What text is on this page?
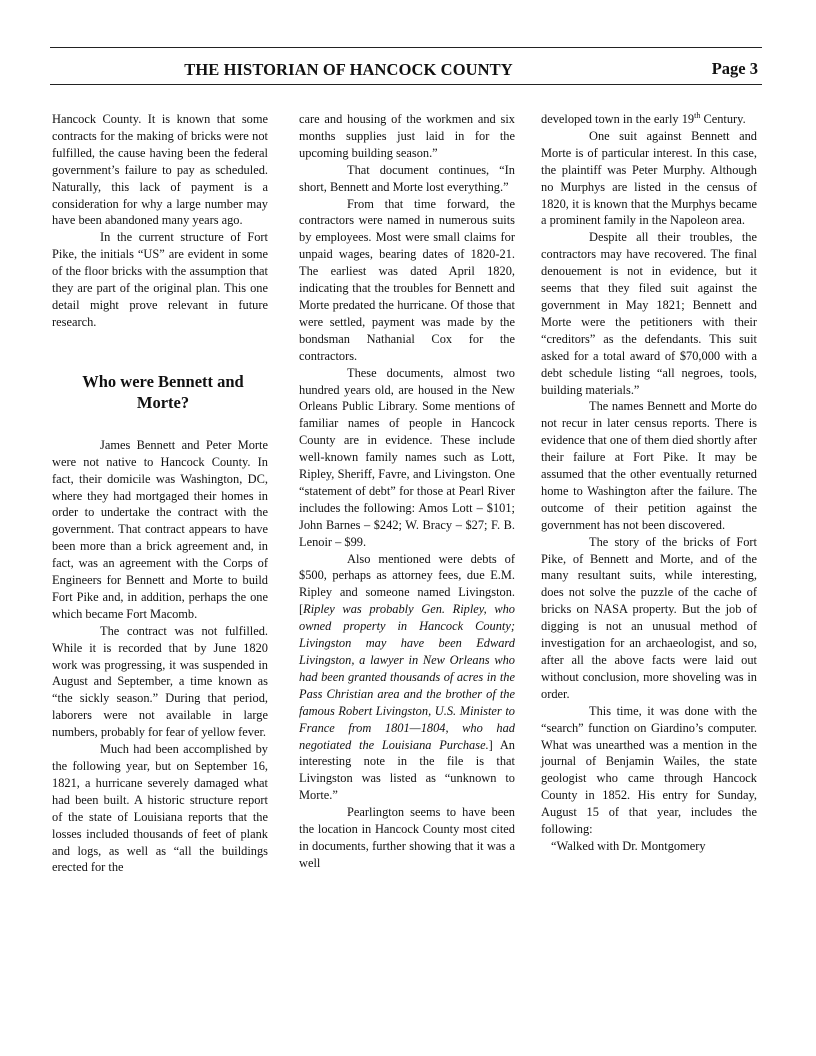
THE HISTORIAN OF HANCOCK COUNTY	Page 3

Hancock County. It is known that some contracts for the making of bricks were not fulfilled, the cause having been the federal government’s failure to pay as scheduled. Naturally, this lack of payment is a consideration for why a large number may have been abandoned many years ago.

In the current structure of Fort Pike, the initials “US” are evident in some of the floor bricks with the assumption that they are part of the original plan. This one detail might prove relevant in future research.

Who were Bennett and Morte?

James Bennett and Peter Morte were not native to Hancock County. In fact, their domicile was Washington, DC, where they had mortgaged their homes in order to undertake the contract with the government. That contract appears to have been more than a brick agreement and, in fact, was an agreement with the Corps of Engineers for Bennett and Morte to build Fort Pike and, in addition, perhaps the one which became Fort Macomb.

The contract was not fulfilled. While it is recorded that by June 1820 work was progressing, it was suspended in August and September, a time known as “the sickly season.” During that period, laborers were not available in large numbers, probably for fear of yellow fever.

Much had been accomplished by the following year, but on September 16, 1821, a hurricane severely damaged what had been built. A historic structure report of the state of Louisiana reports that the losses included thousands of feet of plank and logs, as well as “all the buildings erected for the

care and housing of the workmen and six months supplies just laid in for the upcoming building season.”

That document continues, “In short, Bennett and Morte lost everything.”

From that time forward, the contractors were named in numerous suits by employees. Most were small claims for unpaid wages, bearing dates of 1820-21. The earliest was dated April 1820, indicating that the troubles for Bennett and Morte predated the hurricane. Of those that were settled, payment was made by the bondsman Nathanial Cox for the contractors.

These documents, almost two hundred years old, are housed in the New Orleans Public Library. Some mentions of familiar names of people in Hancock County are in evidence. These include well-known family names such as Lott, Ripley, Sheriff, Favre, and Livingston. One “statement of debt” for those at Pearl River includes the following: Amos Lott – $101; John Barnes – $242; W. Bracy – $27; F. B. Lenoir – $99.

Also mentioned were debts of $500, perhaps as attorney fees, due E.M. Ripley and someone named Livingston. [Ripley was probably Gen. Ripley, who owned property in Hancock County; Livingston may have been Edward Livingston, a lawyer in New Orleans who had been granted thousands of acres in the Pass Christian area and the brother of the famous Robert Livingston, U.S. Minister to France from 1801—1804, who had negotiated the Louisiana Purchase.] An interesting note in the file is that Livingston was listed as “unknown to Morte.”

Pearlington seems to have been the location in Hancock County most cited in documents, further showing that it was a well

developed town in the early 19th Century.

One suit against Bennett and Morte is of particular interest. In this case, the plaintiff was Peter Murphy. Although no Murphys are listed in the census of 1820, it is known that the Murphys became a prominent family in the Napoleon area.

Despite all their troubles, the contractors may have recovered. The final denouement is not in evidence, but it seems that they filed suit against the government in May 1821; Bennett and Morte were the petitioners with their “creditors” as the defendants. This suit asked for a total award of $70,000 with a debt schedule listing “all negroes, tools, building materials.”

The names Bennett and Morte do not recur in later census reports. There is evidence that one of them died shortly after their failure at Fort Pike. It may be assumed that the other eventually returned home to Washington after the failure. The outcome of their petition against the government has not been discovered.

The story of the bricks of Fort Pike, of Bennett and Morte, and of the many resultant suits, while interesting, does not solve the puzzle of the cache of bricks on NASA property. But the job of digging is not an unusual method of investigation for an archaeologist, and so, after all the above facts were laid out without conclusion, more shoveling was in order.

This time, it was done with the “search” function on Giardino’s computer. What was unearthed was a mention in the journal of Benjamin Wailes, the state geologist who came through Hancock County in 1852. His entry for Sunday, August 15 of that year, includes the following:

“Walked with Dr. Montgomery
